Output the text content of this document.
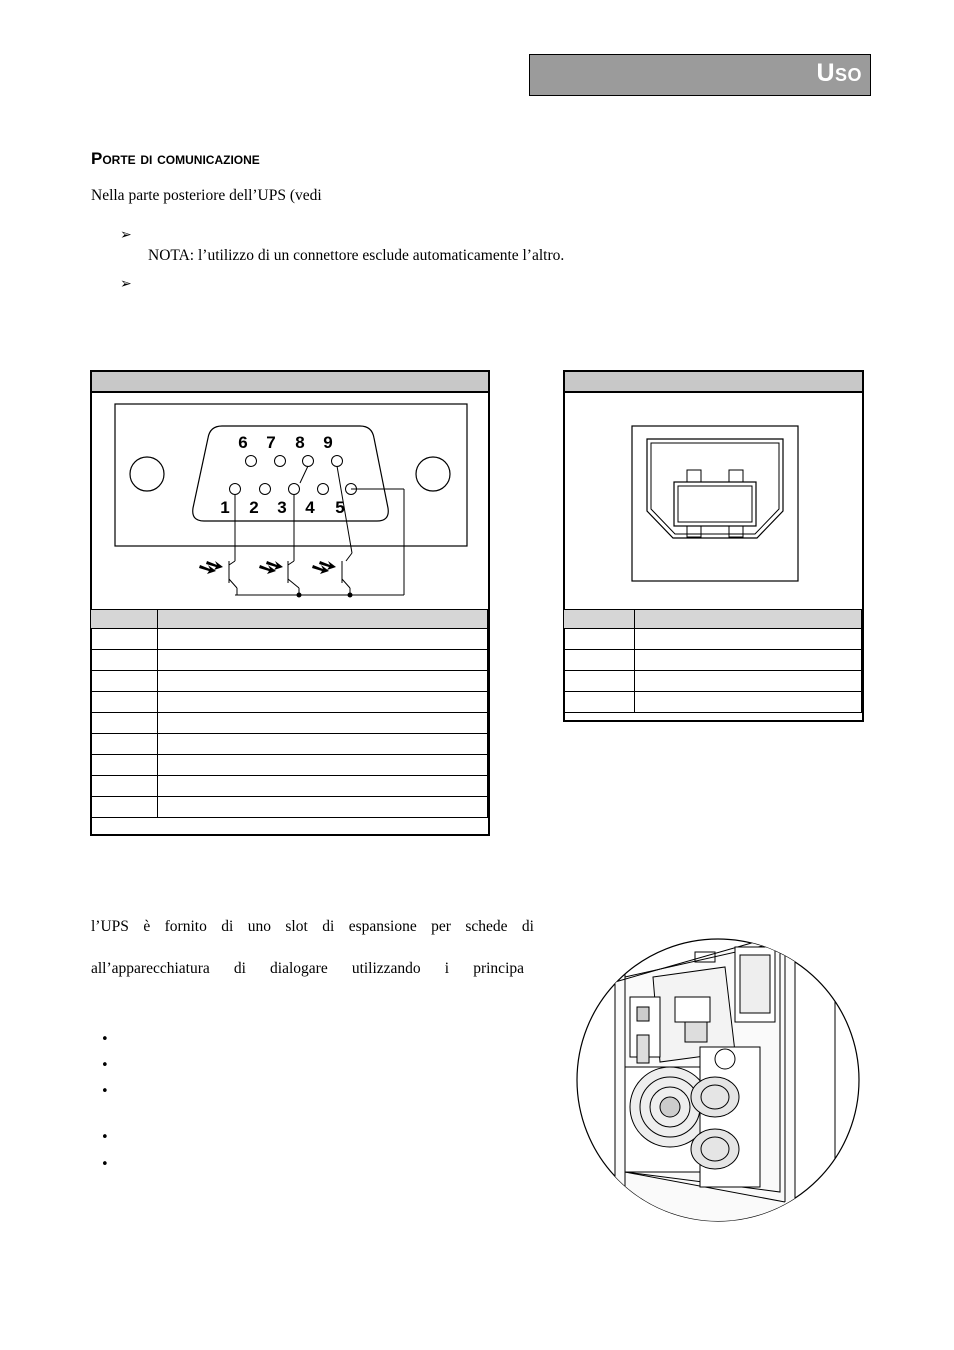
Uso
Porte di comunicazione
Nella parte posteriore dell’UPS (vedi
➢
NOTA: l’utilizzo di un connettore esclude automaticamente l’altro.
➢
6 7 8 9
1 2 3 4 5

l’UPS è fornito di uno slot di espansione per schede di
all’apparecchiatura di dialogare utilizzando i principa
•
•
•
•
•
